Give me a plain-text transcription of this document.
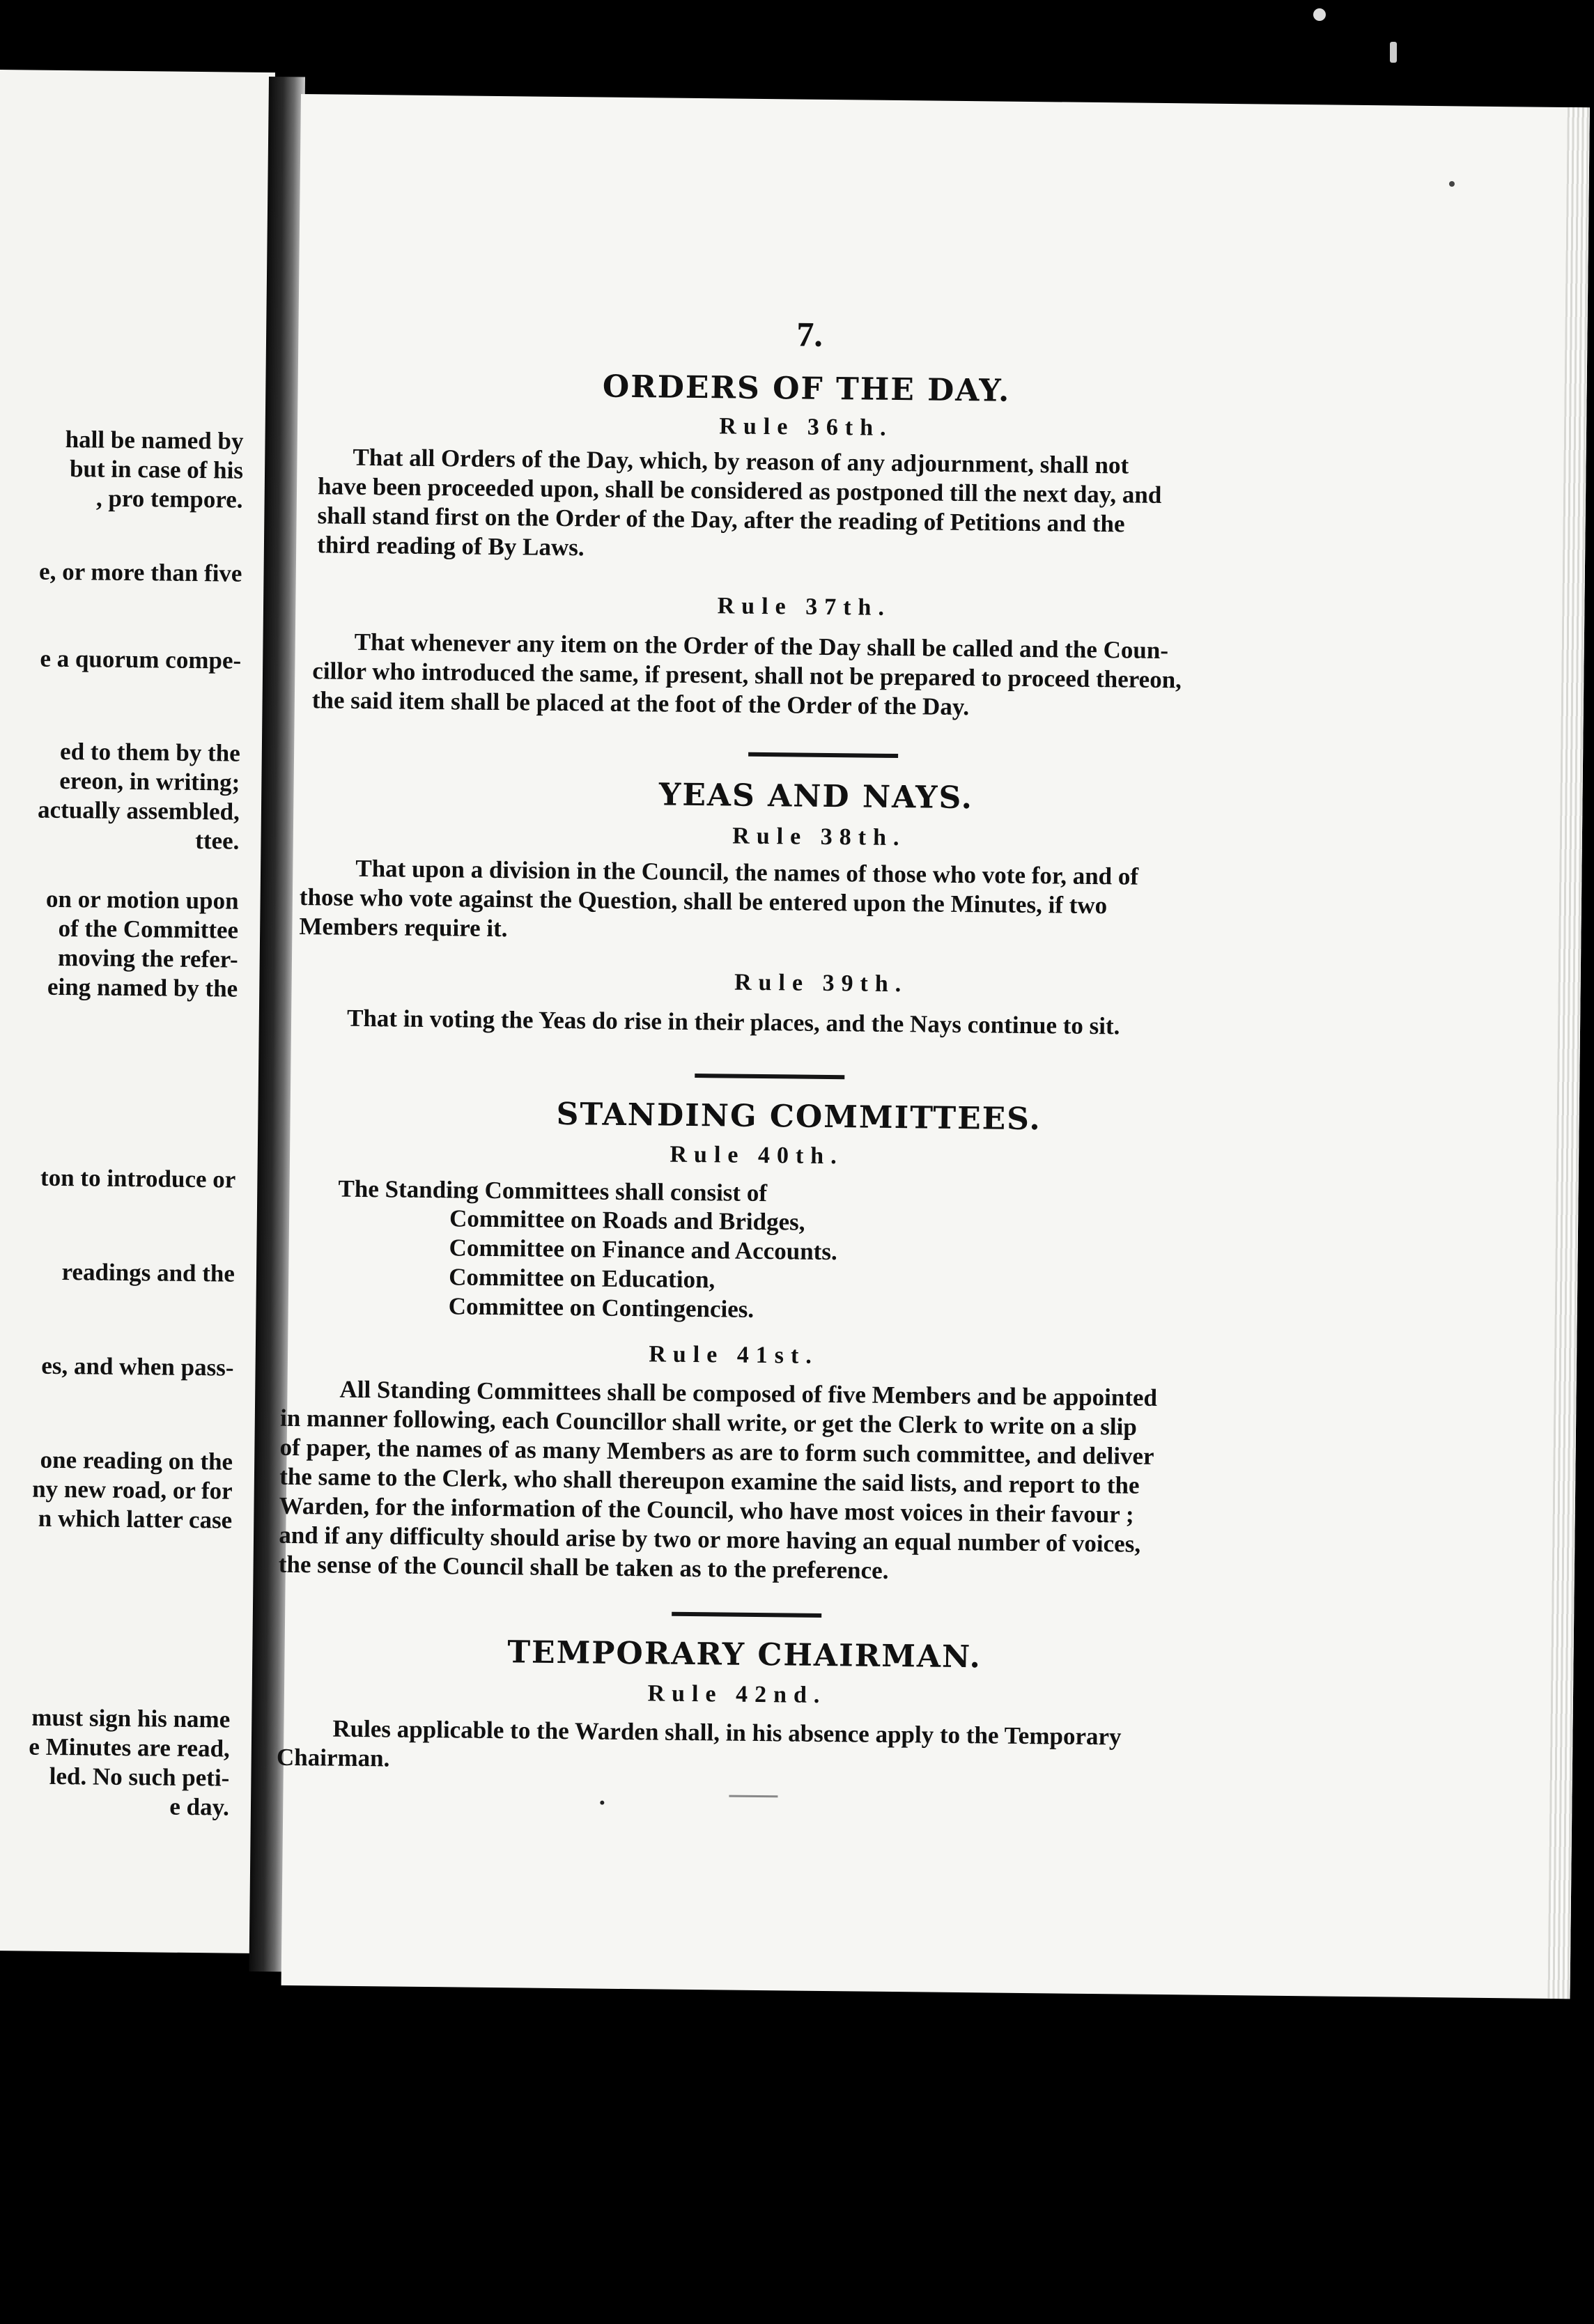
hall be named by
but in case of his
, pro tempore.
e, or more than five
e a quorum compe-
ed to them by the
ereon, in writing;
actually assembled,
ttee.
on or motion upon
of the Committee
moving the refer-
eing named by the
ton to introduce or
readings and the
es, and when pass-
one reading on the
ny new road, or for
n which latter case
must sign his name
e Minutes are read,
led. No such peti-
e day.
7.
ORDERS OF THE DAY.
Rule 36th.
That all Orders of the Day, which, by reason of any adjournment, shall not
have been proceeded upon, shall be considered as postponed till the next day, and
shall stand first on the Order of the Day, after the reading of Petitions and the
third reading of By Laws.
Rule 37th.
That whenever any item on the Order of the Day shall be called and the Coun-
cillor who introduced the same, if present, shall not be prepared to proceed thereon,
the said item shall be placed at the foot of the Order of the Day.
YEAS AND NAYS.
Rule 38th.
That upon a division in the Council, the names of those who vote for, and of
those who vote against the Question, shall be entered upon the Minutes, if two
Members require it.
Rule 39th.
That in voting the Yeas do rise in their places, and the Nays continue to sit.
STANDING COMMITTEES.
Rule 40th.
The Standing Committees shall consist of
Committee on Roads and Bridges,
Committee on Finance and Accounts.
Committee on Education,
Committee on Contingencies.
Rule 41st.
All Standing Committees shall be composed of five Members and be appointed
in manner following, each Councillor shall write, or get the Clerk to write on a slip
of paper, the names of as many Members as are to form such committee, and deliver
the same to the Clerk, who shall thereupon examine the said lists, and report to the
Warden, for the information of the Council, who have most voices in their favour ;
and if any difficulty should arise by two or more having an equal number of voices,
the sense of the Council shall be taken as to the preference.
TEMPORARY CHAIRMAN.
Rule 42nd.
Rules applicable to the Warden shall, in his absence apply to the Temporary
Chairman.
